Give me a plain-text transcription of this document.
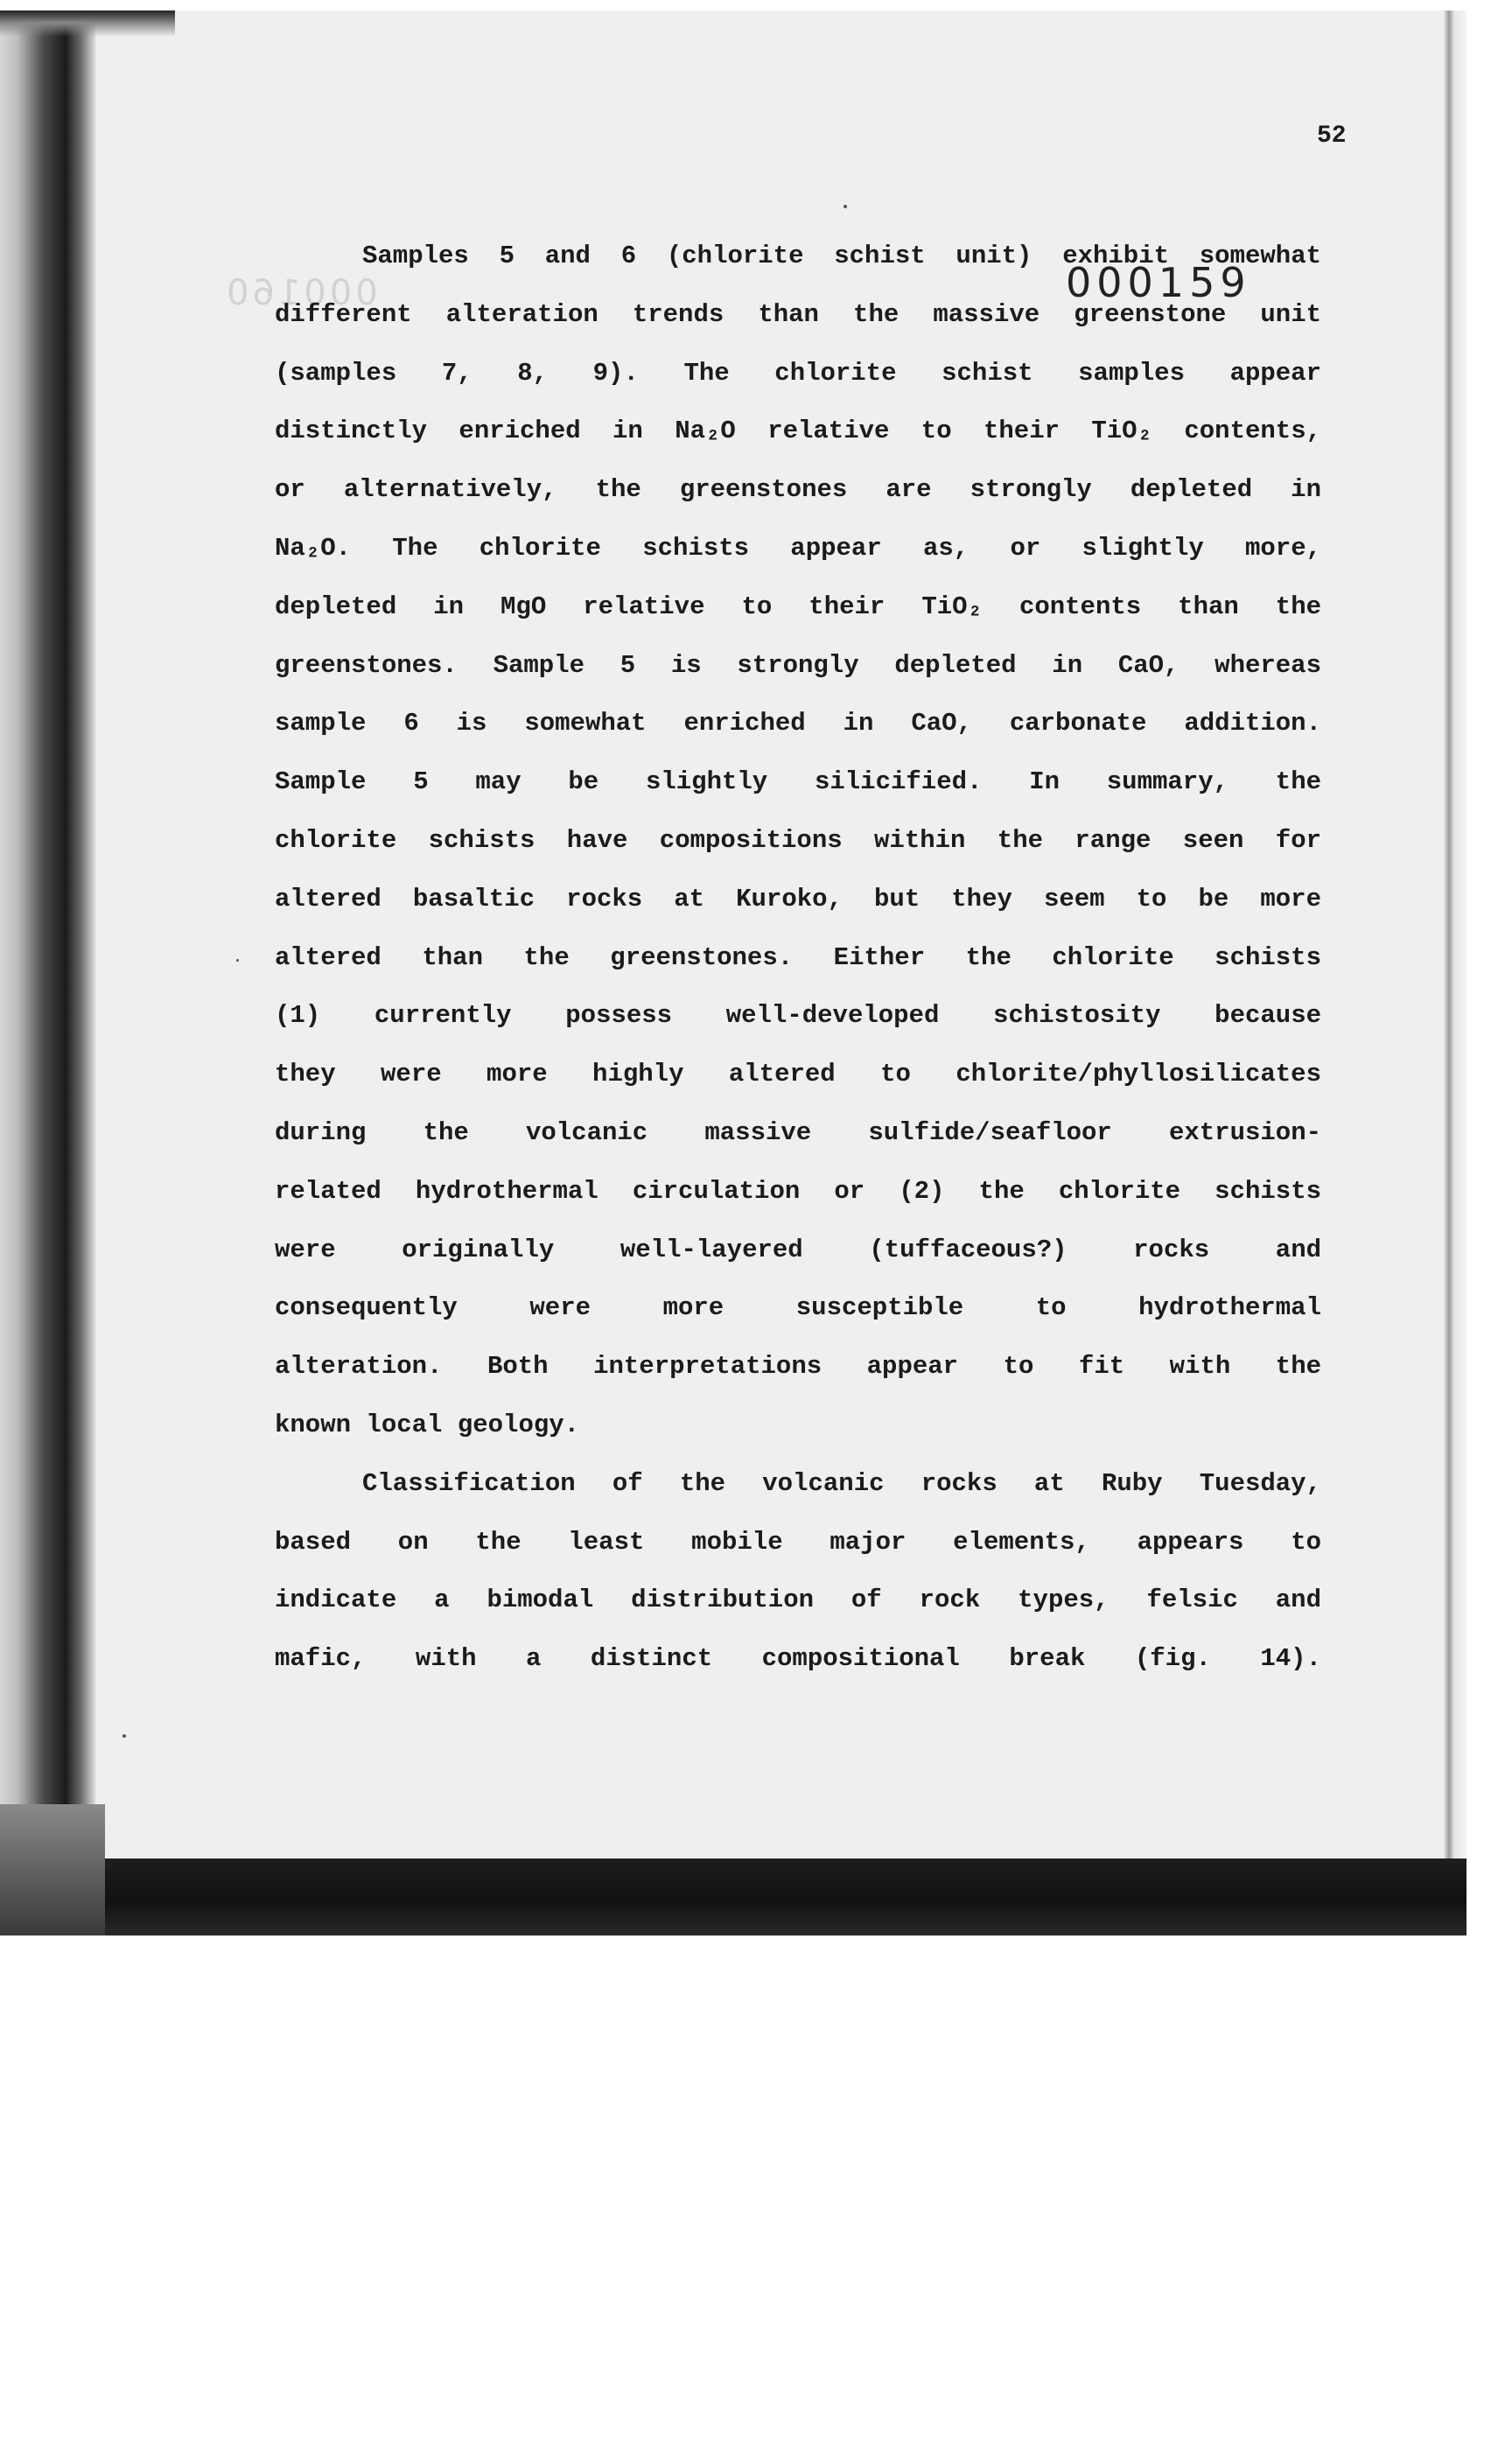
52
000160	000159
Samples 5 and 6 (chlorite schist unit) exhibit somewhat
different alteration trends than the massive greenstone unit
(samples 7, 8, 9). The chlorite schist samples appear
distinctly enriched in Na₂O relative to their TiO₂ contents,
or alternatively, the greenstones are strongly depleted in
Na₂O. The chlorite schists appear as, or slightly more,
depleted in MgO relative to their TiO₂ contents than the
greenstones. Sample 5 is strongly depleted in CaO, whereas
sample 6 is somewhat enriched in CaO, carbonate addition.
Sample 5 may be slightly silicified. In summary, the
chlorite schists have compositions within the range seen for
altered basaltic rocks at Kuroko, but they seem to be more
altered than the greenstones. Either the chlorite schists
(1) currently possess well-developed schistosity because
they were more highly altered to chlorite/phyllosilicates
during the volcanic massive sulfide/seafloor extrusion-
related hydrothermal circulation or (2) the chlorite schists
were originally well-layered (tuffaceous?) rocks and
consequently were more susceptible to hydrothermal
alteration. Both interpretations appear to fit with the
known local geology.
Classification of the volcanic rocks at Ruby Tuesday,
based on the least mobile major elements, appears to
indicate a bimodal distribution of rock types, felsic and
mafic, with a distinct compositional break (fig. 14).
